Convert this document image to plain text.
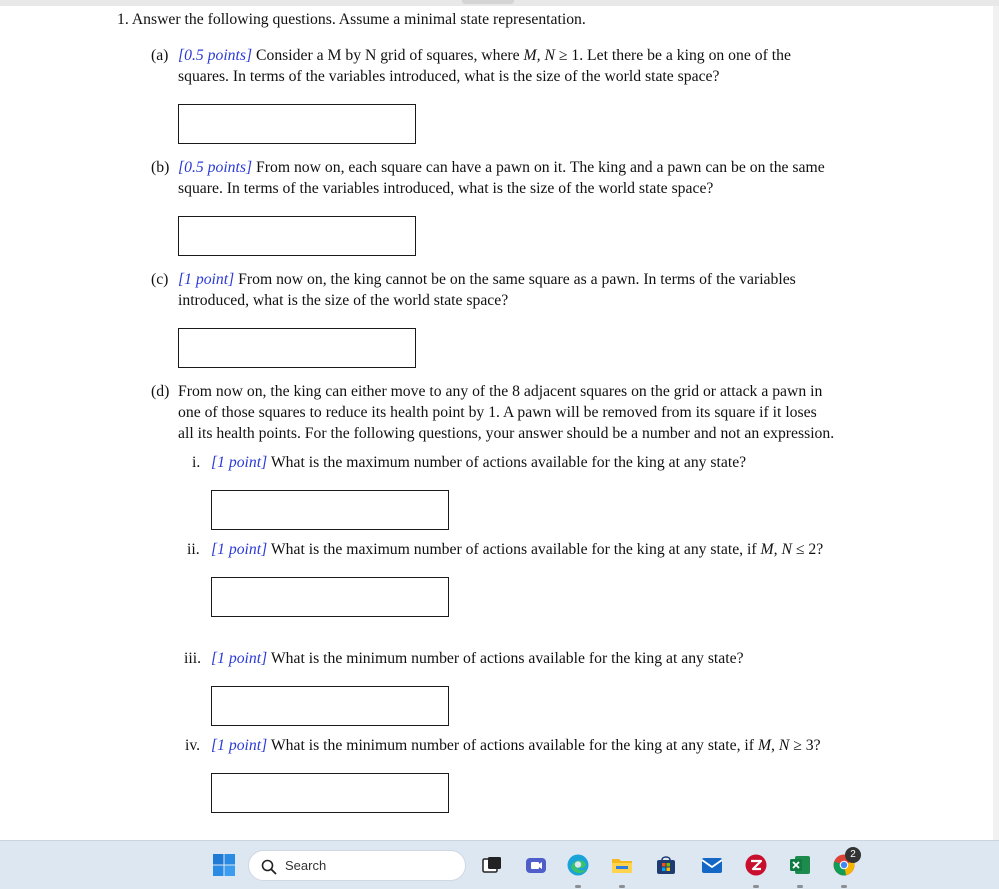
1. Answer the following questions. Assume a minimal state representation.
(a) [0.5 points] Consider a M by N grid of squares, where M, N ≥ 1. Let there be a king on one of the
squares. In terms of the variables introduced, what is the size of the world state space?
(b) [0.5 points] From now on, each square can have a pawn on it. The king and a pawn can be on the same
square. In terms of the variables introduced, what is the size of the world state space?
(c) [1 point] From now on, the king cannot be on the same square as a pawn. In terms of the variables
introduced, what is the size of the world state space?
(d) From now on, the king can either move to any of the 8 adjacent squares on the grid or attack a pawn in
one of those squares to reduce its health point by 1. A pawn will be removed from its square if it loses
all its health points. For the following questions, your answer should be a number and not an expression.
i. [1 point] What is the maximum number of actions available for the king at any state?
ii. [1 point] What is the maximum number of actions available for the king at any state, if M, N ≤ 2?
iii. [1 point] What is the minimum number of actions available for the king at any state?
iv. [1 point] What is the minimum number of actions available for the king at any state, if M, N ≥ 3?
Search
2
